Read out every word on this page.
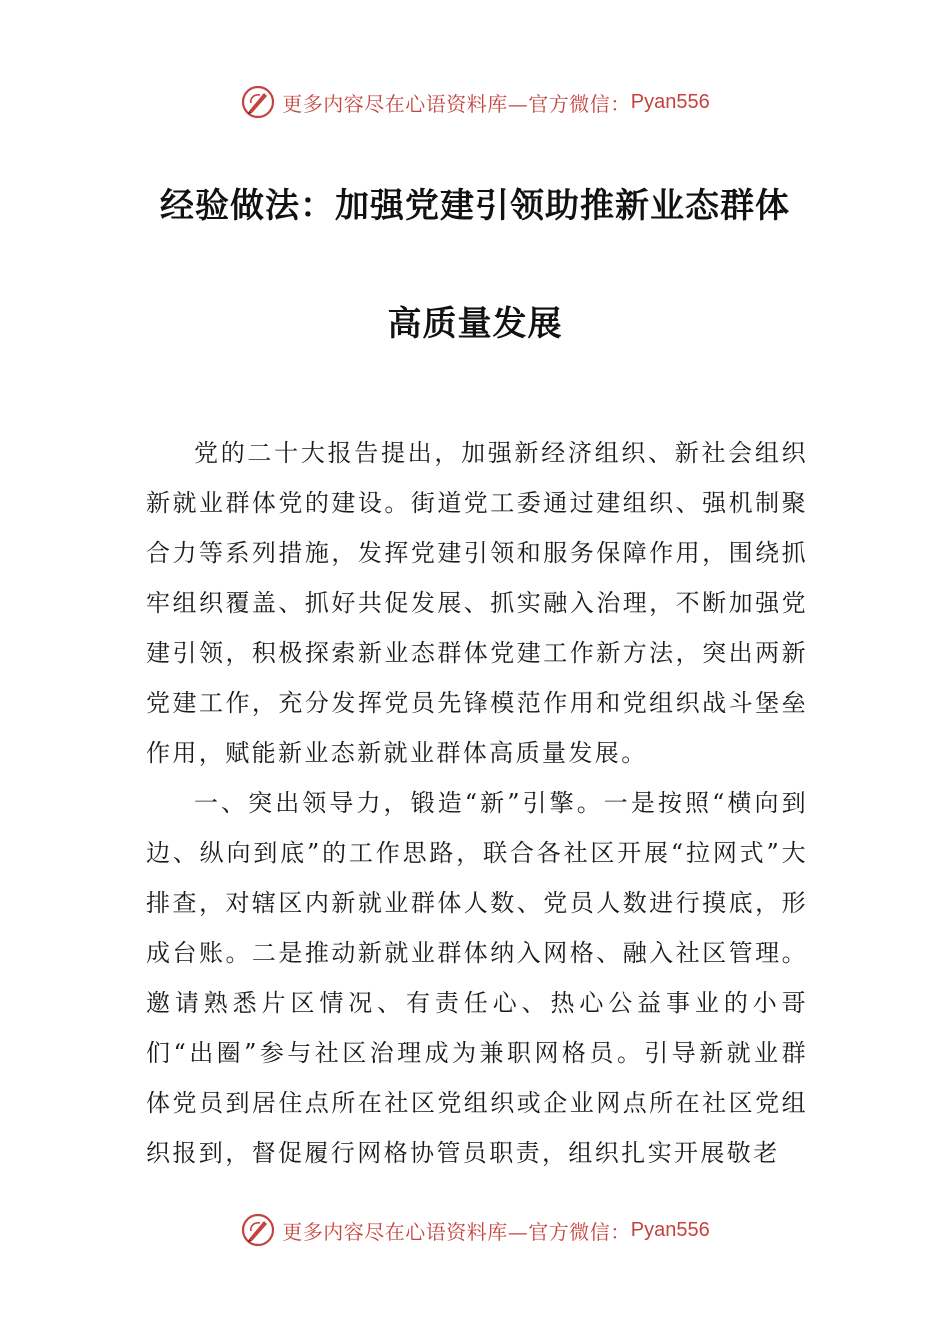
更多内容尽在心语资料库—官方微信： Pyan556
经验做法：加强党建引领助推新业态群体
高质量发展

党的二十大报告提出，加强新经济组织、新社会组织新就业群体党的建设。街道党工委通过建组织、强机制聚合力等系列措施，发挥党建引领和服务保障作用，围绕抓牢组织覆盖、抓好共促发展、抓实融入治理，不断加强党建引领，积极探索新业态群体党建工作新方法，突出两新党建工作，充分发挥党员先锋模范作用和党组织战斗堡垒作用，赋能新业态新就业群体高质量发展。

一、突出领导力，锻造“新”引擎。一是按照“横向到边、纵向到底”的工作思路，联合各社区开展“拉网式”大排查，对辖区内新就业群体人数、党员人数进行摸底，形成台账。二是推动新就业群体纳入网格、融入社区管理。邀请熟悉片区情况、有责任心、热心公益事业的小哥们“出圈”参与社区治理成为兼职网格员。引导新就业群体党员到居住点所在社区党组织或企业网点所在社区党组织报到，督促履行网格协管员职责，组织扎实开展敬老

更多内容尽在心语资料库—官方微信： Pyan556
